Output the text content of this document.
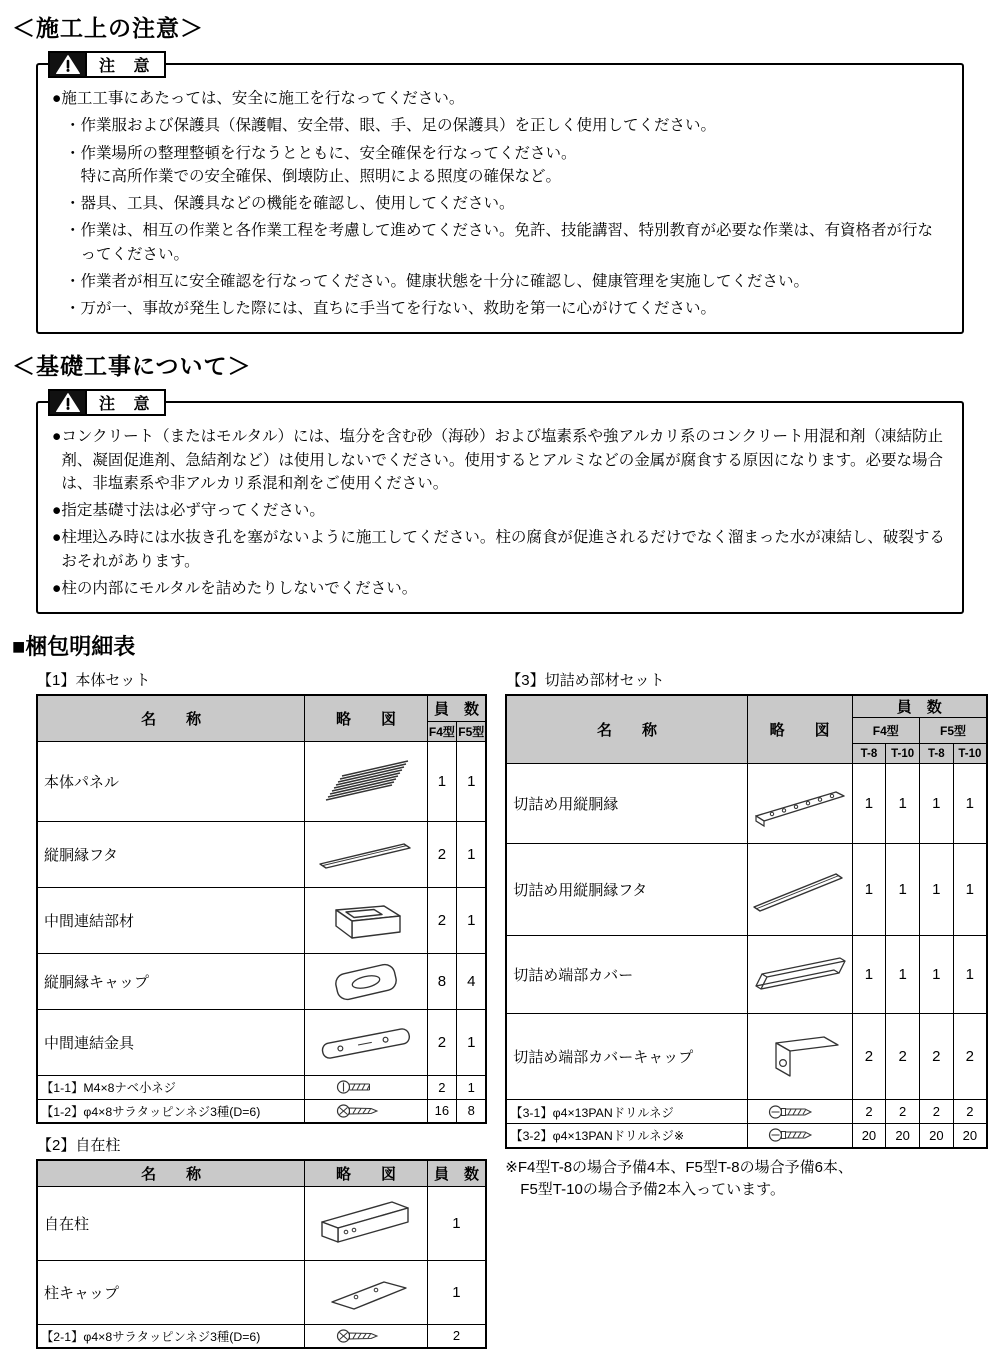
＜施工上の注意＞
注 意
● 施工工事にあたっては、安全に施工を行なってください。
・ 作業服および保護具（保護帽、安全帯、眼、手、足の保護具）を正しく使用してください。
・ 作業場所の整理整頓を行なうとともに、安全確保を行なってください。
特に高所作業での安全確保、倒壊防止、照明による照度の確保など。
・ 器具、工具、保護具などの機能を確認し、使用してください。
・ 作業は、相互の作業と各作業工程を考慮して進めてください。免許、技能講習、特別教育が必要な作業は、有資格者が行なってください。
・ 作業者が相互に安全確認を行なってください。健康状態を十分に確認し、健康管理を実施してください。
・ 万が一、事故が発生した際には、直ちに手当てを行ない、救助を第一に心がけてください。
＜基礎工事について＞
注 意
● コンクリート（またはモルタル）には、塩分を含む砂（海砂）および塩素系や強アルカリ系のコンクリート用混和剤（凍結防止剤、凝固促進剤、急結剤など）は使用しないでください。使用するとアルミなどの金属が腐食する原因になります。必要な場合は、非塩素系や非アルカリ系混和剤をご使用ください。
● 指定基礎寸法は必ず守ってください。
● 柱埋込み時には水抜き孔を塞がないように施工してください。柱の腐食が促進されるだけでなく溜まった水が凍結し、破裂するおそれがあります。
● 柱の内部にモルタルを詰めたりしないでください。
■梱包明細表
【1】本体セット
名　　称	略　　図	員　数	
		F4型	F5型
本体パネル		1	1
縦胴縁フタ		2	1
中間連結部材		2	1
縦胴縁キャップ		8	4
中間連結金具		2	1
【1-1】M4×8ナベ小ネジ		2	1
【1-2】φ4×8サラタッピンネジ3種(D=6)		16	8
【2】自在柱
名　　称	略　　図	員　数
自在柱		1
柱キャップ		1
【2-1】φ4×8サラタッピンネジ3種(D=6)		2
【3】切詰め部材セット
名　　称	略　　図	員　数			
		F4型		F5型	
		T-8	T-10	T-8	T-10
切詰め用縦胴縁		1	1	1	1
切詰め用縦胴縁フタ		1	1	1	1
切詰め端部カバー		1	1	1	1
切詰め端部カバーキャップ		2	2	2	2
【3-1】φ4×13PANドリルネジ		2	2	2	2
【3-2】φ4×13PANドリルネジ※		20	20	20	20
※F4型T-8の場合予備4本、F5型T-8の場合予備6本、
　F5型T-10の場合予備2本入っています。
